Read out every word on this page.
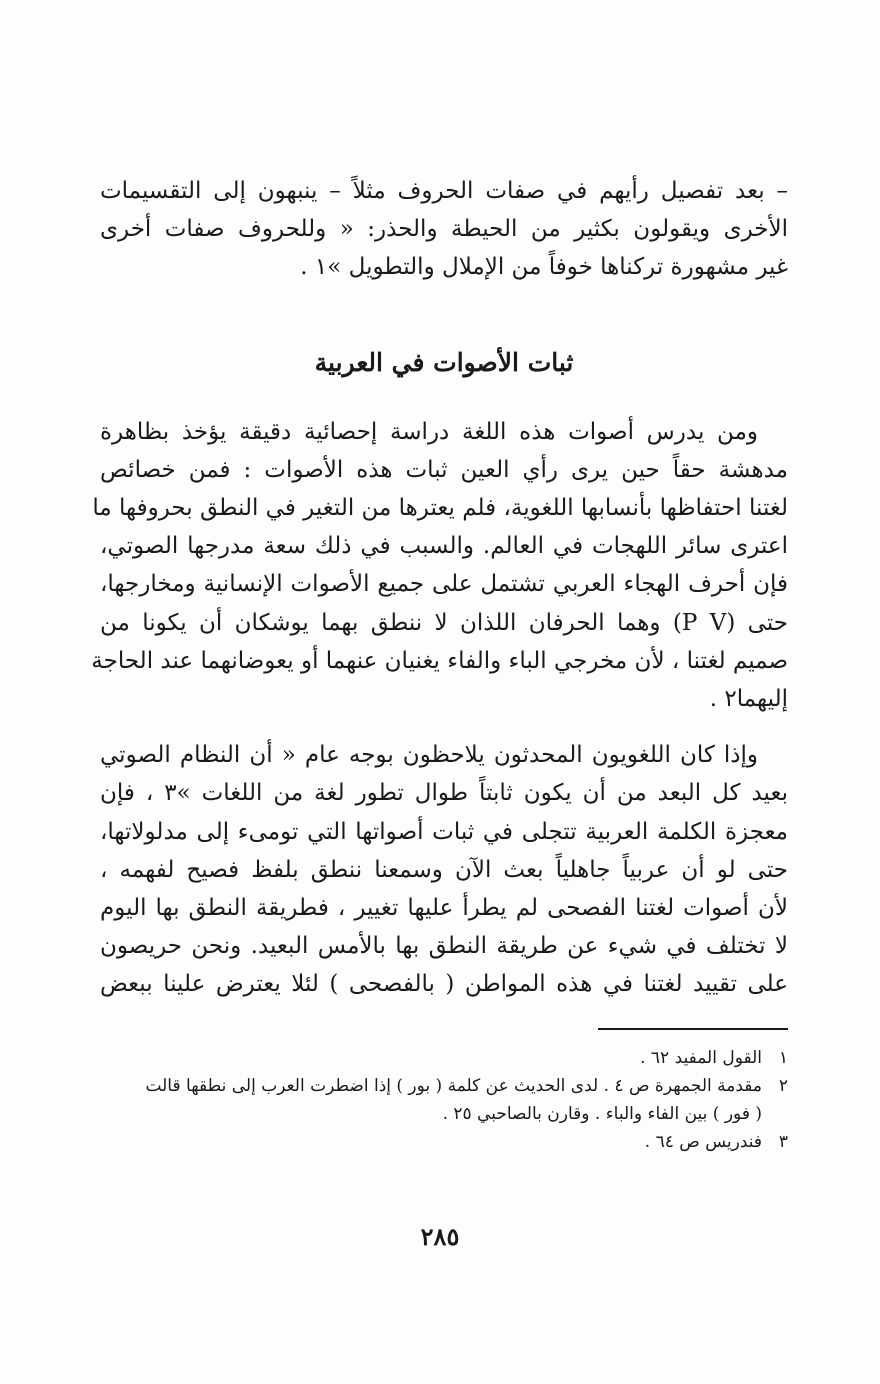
– بعد تفصيل رأيهم في صفات الحروف مثلاً – ينبهون إلى التقسيمات
الأخرى ويقولون بكثير من الحيطة والحذر: « وللحروف صفات أخرى
غير مشهورة تركناها خوفاً من الإملال والتطويل »١ .

ثبات الأصوات في العربية

ومن يدرس أصوات هذه اللغة دراسة إحصائية دقيقة يؤخذ بظاهرة
مدهشة حقاً حين يرى رأي العين ثبات هذه الأصوات : فمن خصائص
لغتنا احتفاظها بأنسابها اللغوية، فلم يعترها من التغير في النطق بحروفها ما
اعترى سائر اللهجات في العالم. والسبب في ذلك سعة مدرجها الصوتي،
فإن أحرف الهجاء العربي تشتمل على جميع الأصوات الإنسانية ومخارجها،
حتى (P V) وهما الحرفان اللذان لا ننطق بهما يوشكان أن يكونا من
صميم لغتنا ، لأن مخرجي الباء والفاء يغنيان عنهما أو يعوضانهما عند الحاجة
إليهما٢ .

وإذا كان اللغويون المحدثون يلاحظون بوجه عام « أن النظام الصوتي
بعيد كل البعد من أن يكون ثابتاً طوال تطور لغة من اللغات »٣ ، فإن
معجزة الكلمة العربية تتجلى في ثبات أصواتها التي تومىء إلى مدلولاتها،
حتى لو أن عربياً جاهلياً بعث الآن وسمعنا ننطق بلفظ فصيح لفهمه ،
لأن أصوات لغتنا الفصحى لم يطرأ عليها تغيير ، فطريقة النطق بها اليوم
لا تختلف في شيء عن طريقة النطق بها بالأمس البعيد. ونحن حريصون
على تقييد لغتنا في هذه المواطن ( بالفصحى ) لئلا يعترض علينا ببعض

١
القول المفيد ٦٢ .
٢
مقدمة الجمهرة ص ٤ . لدى الحديث عن كلمة ( بور ) إذا اضطرت العرب إلى نطقها قالت
( فور ) بين الفاء والباء . وقارن بالصاحبي ٢٥ .
٣
فندريس ص ٦٤ .
٢٨٥
